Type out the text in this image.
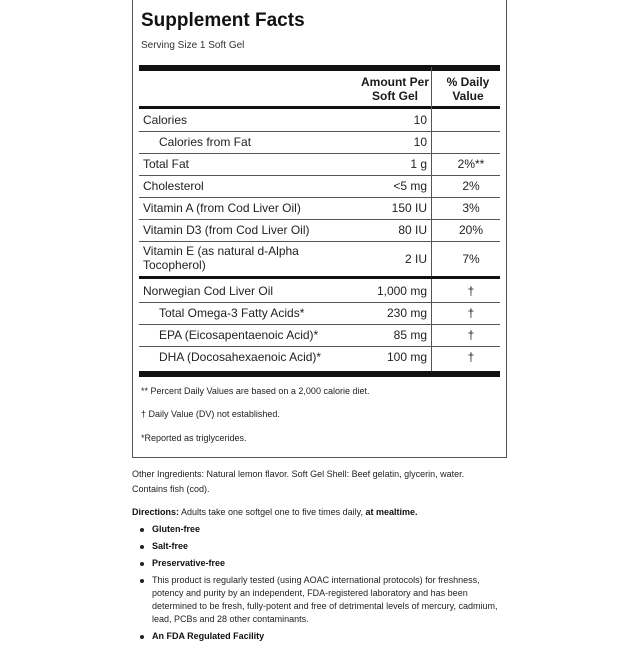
Supplement Facts
Serving Size 1 Soft Gel
Amount Per Soft Gel
% Daily Value
Calories	10
Calories from Fat	10
Total Fat	1 g	2%**
Cholesterol	<5 mg	2%
Vitamin A (from Cod Liver Oil)	150 IU	3%
Vitamin D3 (from Cod Liver Oil)	80 IU	20%
Vitamin E (as natural d-Alpha
Tocopherol)	2 IU	7%
Norwegian Cod Liver Oil	1,000 mg	†
Total Omega-3 Fatty Acids*	230 mg	†
EPA (Eicosapentaenoic Acid)*	85 mg	†
DHA (Docosahexaenoic Acid)*	100 mg	†
** Percent Daily Values are based on a 2,000 calorie diet.
† Daily Value (DV) not established.
*Reported as triglycerides.
Other Ingredients: Natural lemon flavor. Soft Gel Shell: Beef gelatin, glycerin, water.
Contains fish (cod).
Directions: Adults take one softgel one to five times daily, at mealtime.
Gluten-free
Salt-free
Preservative-free
This product is regularly tested (using AOAC international protocols) for freshness, potency and purity by an independent, FDA-registered laboratory and has been determined to be fresh, fully-potent and free of detrimental levels of mercury, cadmium, lead, PCBs and 28 other contaminants.
An FDA Regulated Facility
